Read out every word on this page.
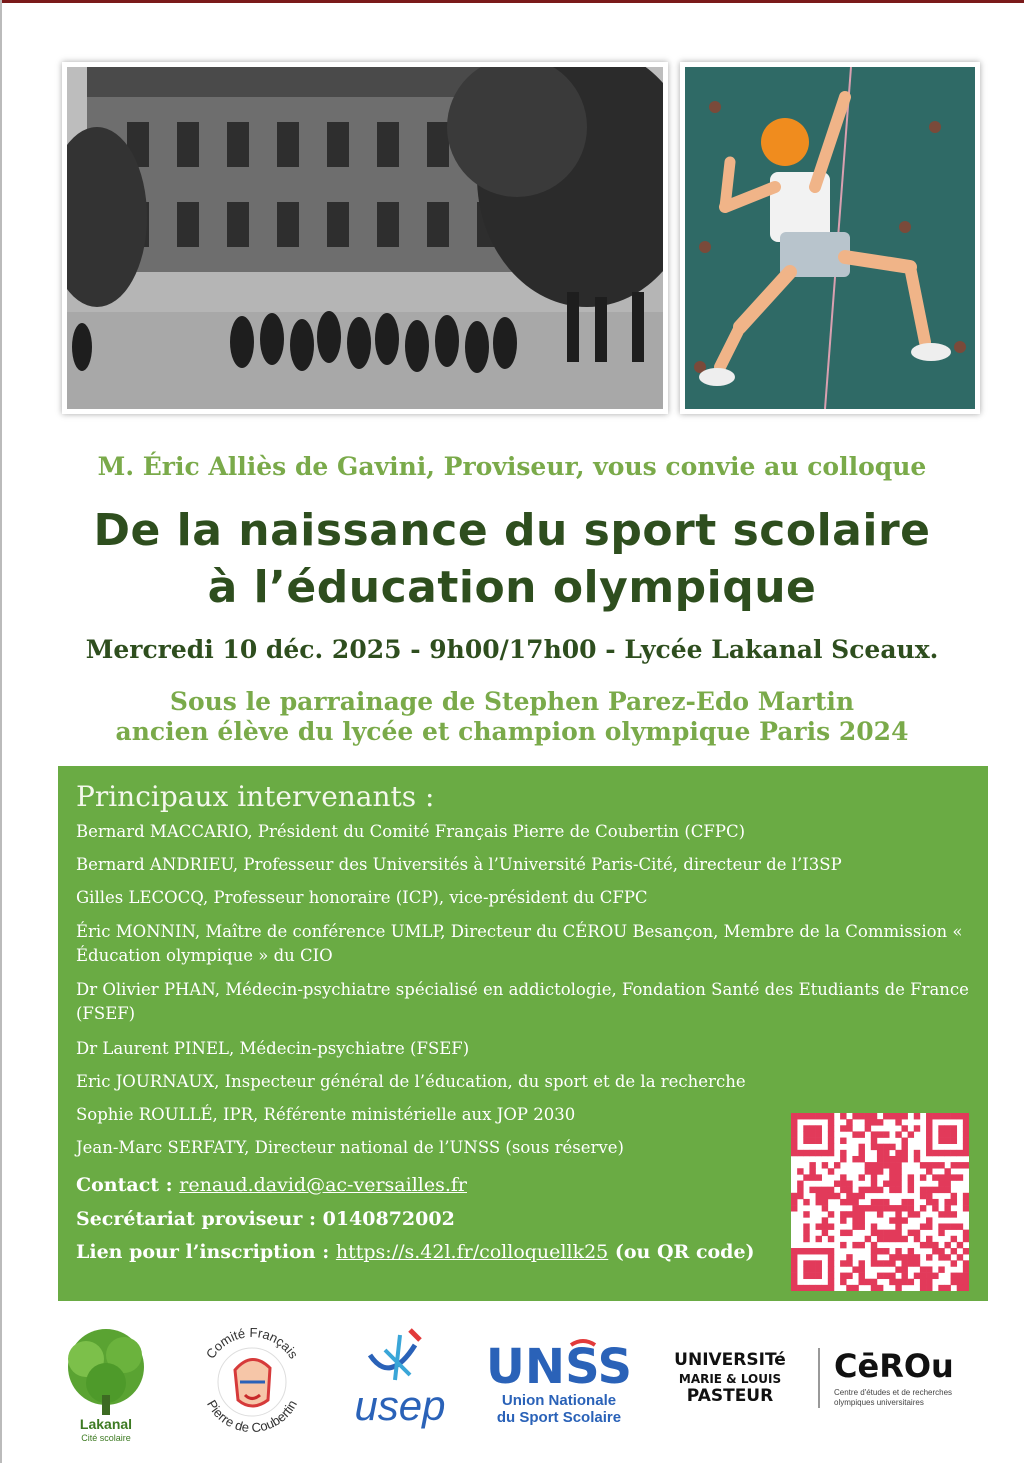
M. Éric Alliès de Gavini, Proviseur, vous convie au colloque
De la naissance du sport scolaire
à l’éducation olympique
Mercredi 10 déc. 2025 - 9h00/17h00 - Lycée Lakanal Sceaux.
Sous le parrainage de Stephen Parez-Edo Martin
ancien élève du lycée et champion olympique Paris 2024
Principaux intervenants :
Bernard MACCARIO, Président du Comité Français Pierre de Coubertin (CFPC)
Bernard ANDRIEU, Professeur des Universités à l’Université Paris-Cité, directeur de l’I3SP
Gilles LECOCQ, Professeur honoraire (ICP), vice-président du CFPC
Éric MONNIN, Maître de conférence UMLP, Directeur du CÉROU Besançon, Membre de la Commission « Éducation olympique » du CIO
Dr Olivier PHAN, Médecin-psychiatre spécialisé en addictologie, Fondation Santé des Etudiants de France (FSEF)
Dr Laurent PINEL, Médecin-psychiatre (FSEF)
Eric JOURNAUX, Inspecteur général de l’éducation, du sport et de la recherche
Sophie ROULLÉ, IPR, Référente ministérielle aux JOP 2030
Jean-Marc SERFATY, Directeur national de l’UNSS (sous réserve)
Contact : renaud.david@ac-versailles.fr
Secrétariat proviseur : 0140872002
Lien pour l’inscription : https://s.42l.fr/colloquellk25 (ou QR code)
Lakanal
Cité scolaire
Comité Français
Pierre de Coubertin usep
UNSS
Union Nationale
du Sport Scolaire
UNIVERSITé
MARIE & LOUIS
PASTEUR
CēROu
Centre d'études et de recherches
olympiques universitaires
